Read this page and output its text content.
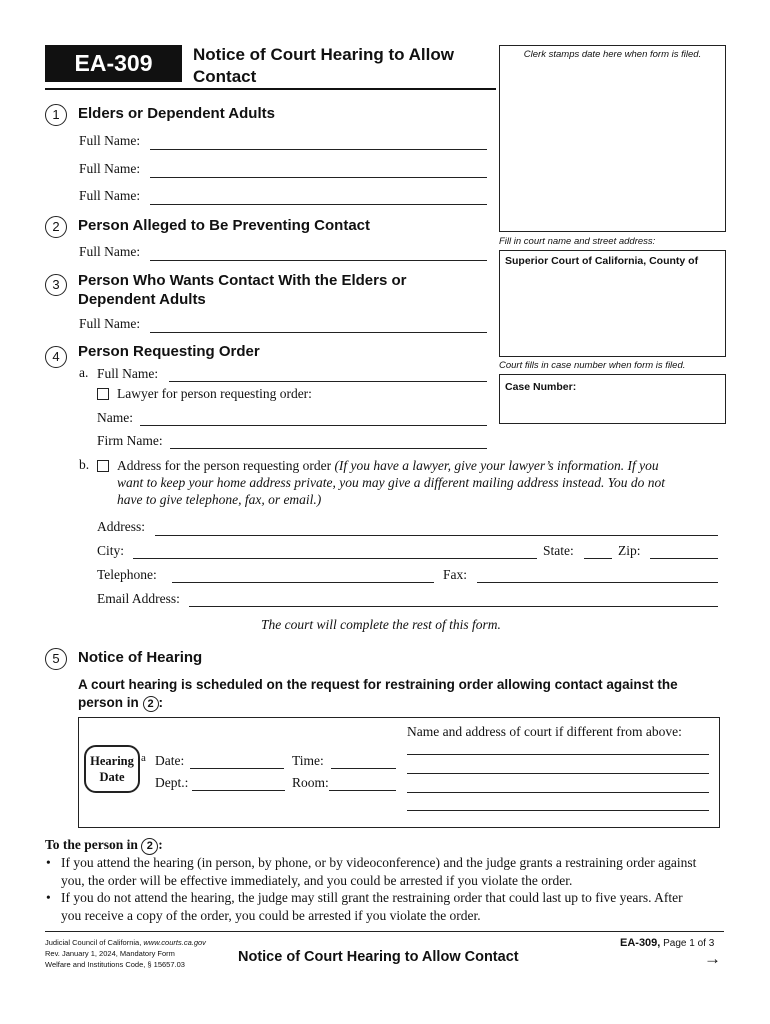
EA-309	Notice of Court Hearing to Allow
Contact
Clerk stamps date here when form is filed.
Fill in court name and street address:
Superior Court of California, County of
Court fills in case number when form is filed.
Case Number:
1	Elders or Dependent Adults
Full Name:
Full Name:
Full Name:
2	Person Alleged to Be Preventing Contact
Full Name:
3	Person Who Wants Contact With the Elders or
Dependent Adults
Full Name:
4	Person Requesting Order
a. Full Name:
Lawyer for person requesting order:
Name:
Firm Name:
b. Address for the person requesting order (If you have a lawyer, give your lawyer’s information. If you
want to keep your home address private, you may give a different mailing address instead. You do not
have to give telephone, fax, or email.)
Address:
City:	State:	Zip:
Telephone:	Fax:
Email Address:
The court will complete the rest of this form.
5	Notice of Hearing
A court hearing is scheduled on the request for restraining order allowing contact against the
person in 2 :
Hearing
Date
a Date:	Time:
Dept.:	Room:
Name and address of court if different from above:
To the person in 2 :
• If you attend the hearing (in person, by phone, or by videoconference) and the judge grants a restraining order against
you, the order will be effective immediately, and you could be arrested if you violate the order.
• If you do not attend the hearing, the judge may still grant the restraining order that could last up to five years. After
you receive a copy of the order, you could be arrested if you violate the order.
Judicial Council of California, www.courts.ca.gov
Rev. January 1, 2024, Mandatory Form
Welfare and Institutions Code, § 15657.03	Notice of Court Hearing to Allow Contact
EA-309, Page 1 of 3
→
